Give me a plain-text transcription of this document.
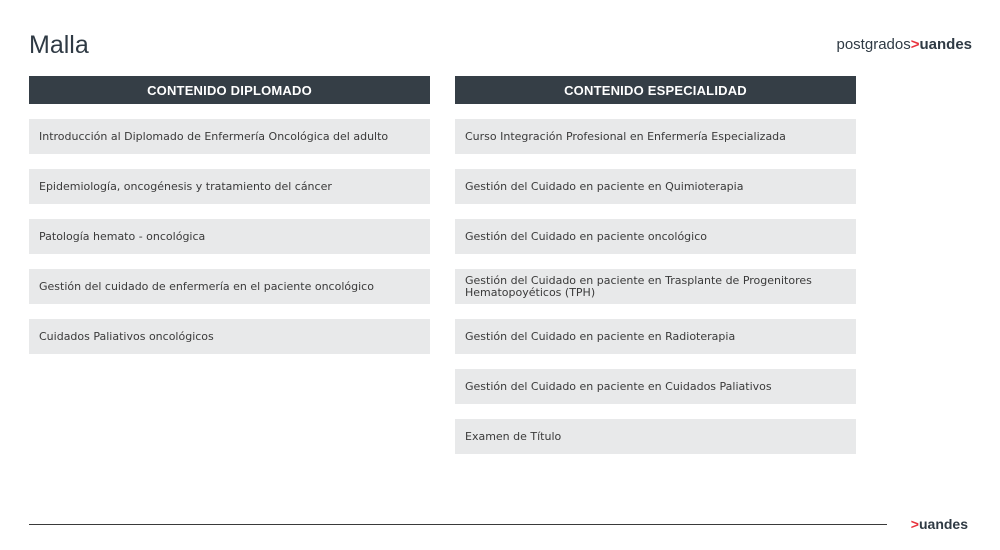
Malla	postgrados>uandes
CONTENIDO DIPLOMADO
Introducción al Diplomado de Enfermería Oncológica del adulto
Epidemiología, oncogénesis y tratamiento del cáncer
Patología hemato - oncológica
Gestión del cuidado de enfermería en el paciente oncológico
Cuidados Paliativos oncológicos
CONTENIDO ESPECIALIDAD
Curso Integración Profesional en Enfermería Especializada
Gestión del Cuidado en paciente en Quimioterapia
Gestión del Cuidado en paciente oncológico
Gestión del Cuidado en paciente en Trasplante de Progenitores Hematopoyéticos (TPH)
Gestión del Cuidado en paciente en Radioterapia
Gestión del Cuidado en paciente en Cuidados Paliativos
Examen de Título
>uandes
